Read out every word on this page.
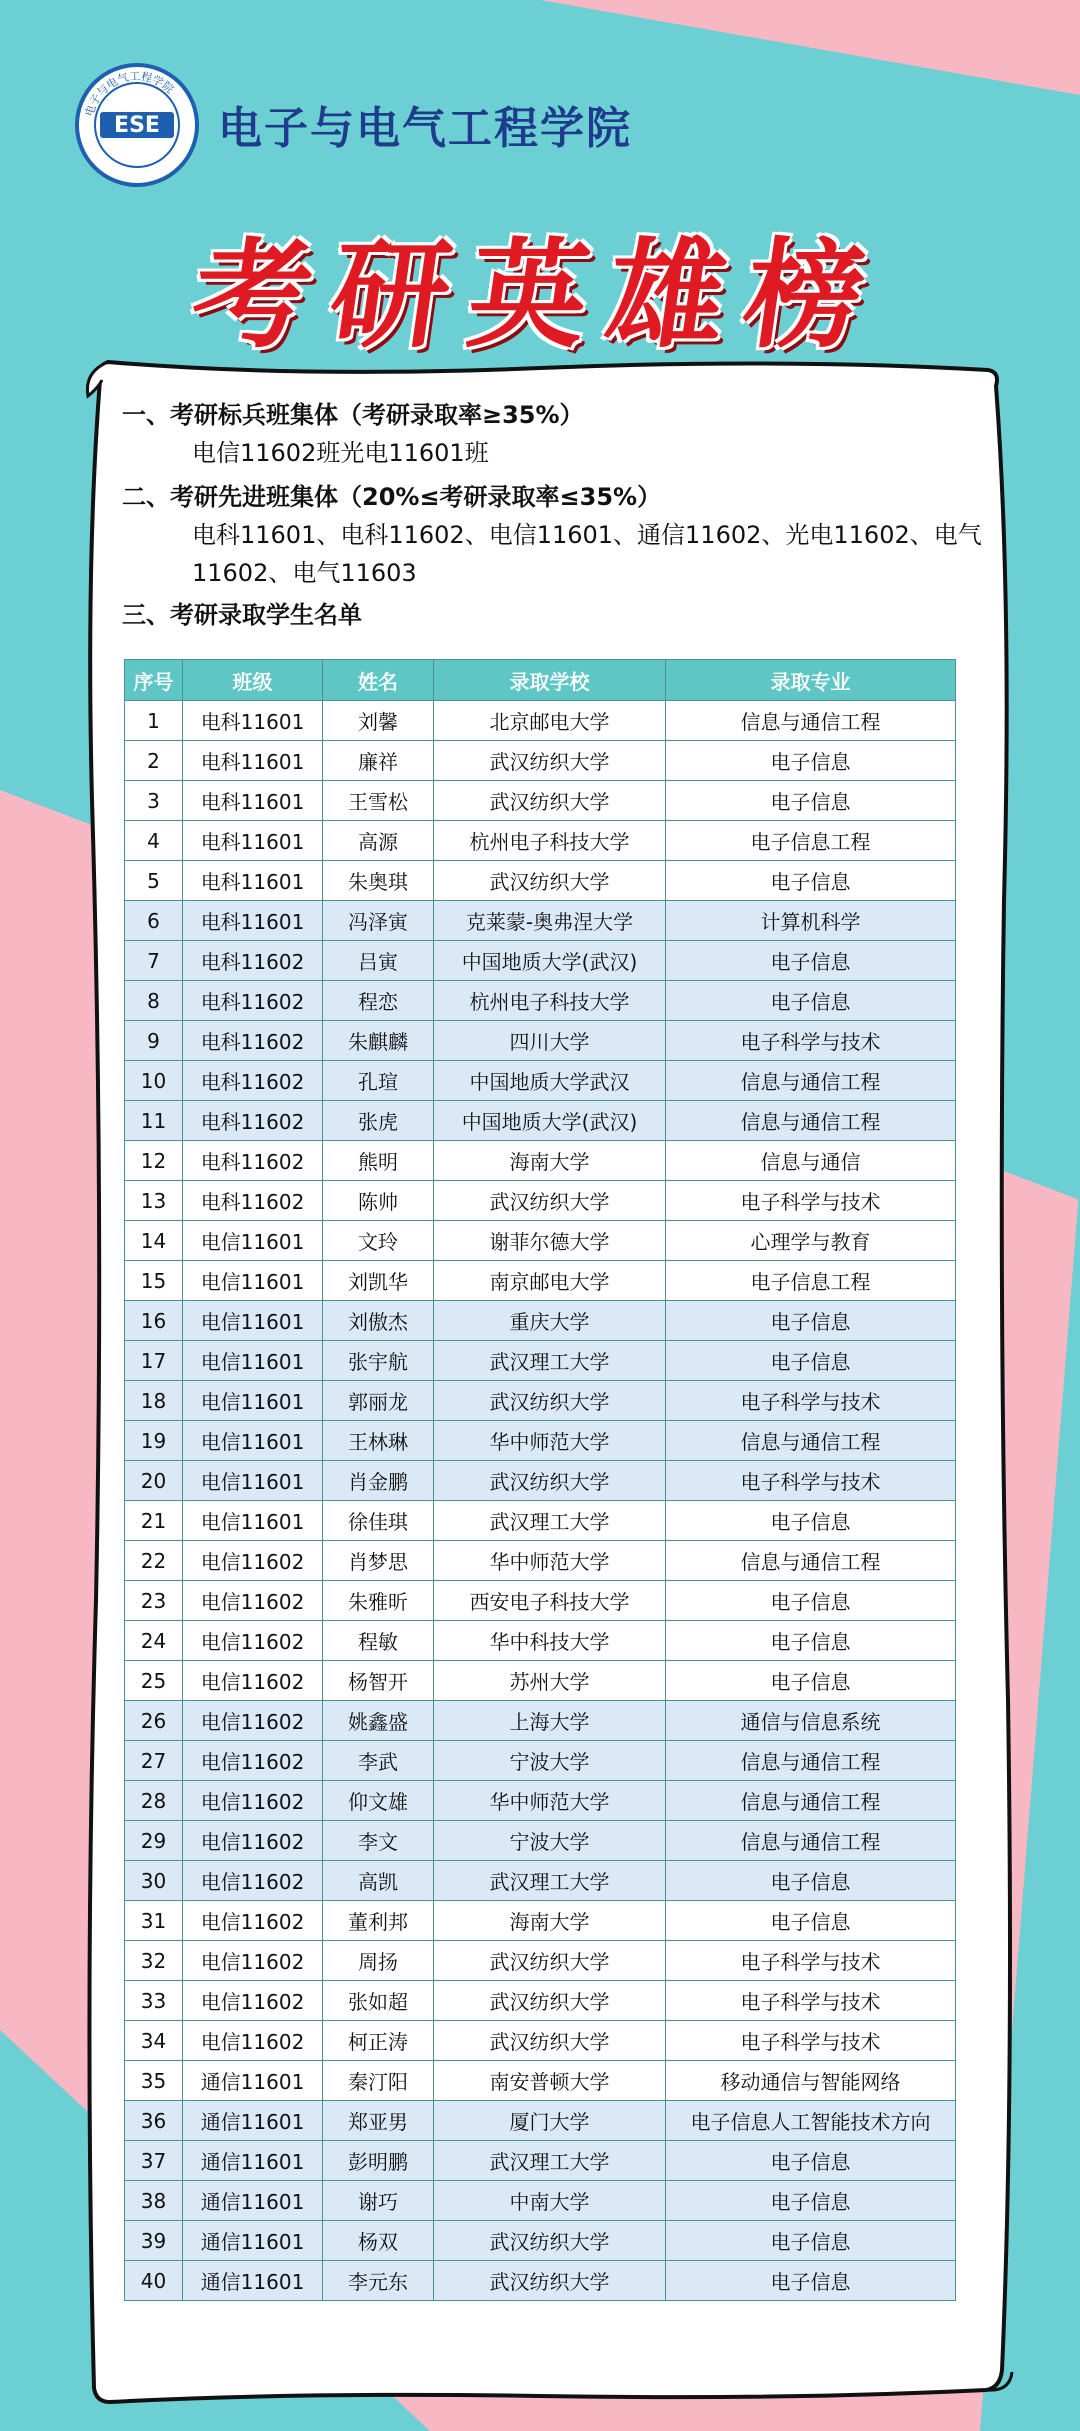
电子与电气工程学院
ESE 电子与电气工程学院
考研英雄榜

一、考研标兵班集体（考研录取率≥35%）

电信11602班光电11601班

二、考研先进班集体（20%≤考研录取率≤35%）

电科11601、电科11602、电信11601、通信11602、光电11602、电气11602、电气11603

三、考研录取学生名单

序号	班级	姓名	录取学校	录取专业
1	电科11601	刘馨	北京邮电大学	信息与通信工程
2	电科11601	廉祥	武汉纺织大学	电子信息
3	电科11601	王雪松	武汉纺织大学	电子信息
4	电科11601	高源	杭州电子科技大学	电子信息工程
5	电科11601	朱奥琪	武汉纺织大学	电子信息
6	电科11601	冯泽寅	克莱蒙-奥弗涅大学	计算机科学
7	电科11602	吕寅	中国地质大学(武汉)	电子信息
8	电科11602	程恋	杭州电子科技大学	电子信息
9	电科11602	朱麒麟	四川大学	电子科学与技术
10	电科11602	孔瑄	中国地质大学武汉	信息与通信工程
11	电科11602	张虎	中国地质大学(武汉)	信息与通信工程
12	电科11602	熊明	海南大学	信息与通信
13	电科11602	陈帅	武汉纺织大学	电子科学与技术
14	电信11601	文玲	谢菲尔德大学	心理学与教育
15	电信11601	刘凯华	南京邮电大学	电子信息工程
16	电信11601	刘傲杰	重庆大学	电子信息
17	电信11601	张宇航	武汉理工大学	电子信息
18	电信11601	郭丽龙	武汉纺织大学	电子科学与技术
19	电信11601	王林琳	华中师范大学	信息与通信工程
20	电信11601	肖金鹏	武汉纺织大学	电子科学与技术
21	电信11601	徐佳琪	武汉理工大学	电子信息
22	电信11602	肖梦思	华中师范大学	信息与通信工程
23	电信11602	朱雅昕	西安电子科技大学	电子信息
24	电信11602	程敏	华中科技大学	电子信息
25	电信11602	杨智开	苏州大学	电子信息
26	电信11602	姚鑫盛	上海大学	通信与信息系统
27	电信11602	李武	宁波大学	信息与通信工程
28	电信11602	仰文雄	华中师范大学	信息与通信工程
29	电信11602	李文	宁波大学	信息与通信工程
30	电信11602	高凯	武汉理工大学	电子信息
31	电信11602	董利邦	海南大学	电子信息
32	电信11602	周扬	武汉纺织大学	电子科学与技术
33	电信11602	张如超	武汉纺织大学	电子科学与技术
34	电信11602	柯正涛	武汉纺织大学	电子科学与技术
35	通信11601	秦汀阳	南安普顿大学	移动通信与智能网络
36	通信11601	郑亚男	厦门大学	电子信息人工智能技术方向
37	通信11601	彭明鹏	武汉理工大学	电子信息
38	通信11601	谢巧	中南大学	电子信息
39	通信11601	杨双	武汉纺织大学	电子信息
40	通信11601	李元东	武汉纺织大学	电子信息
